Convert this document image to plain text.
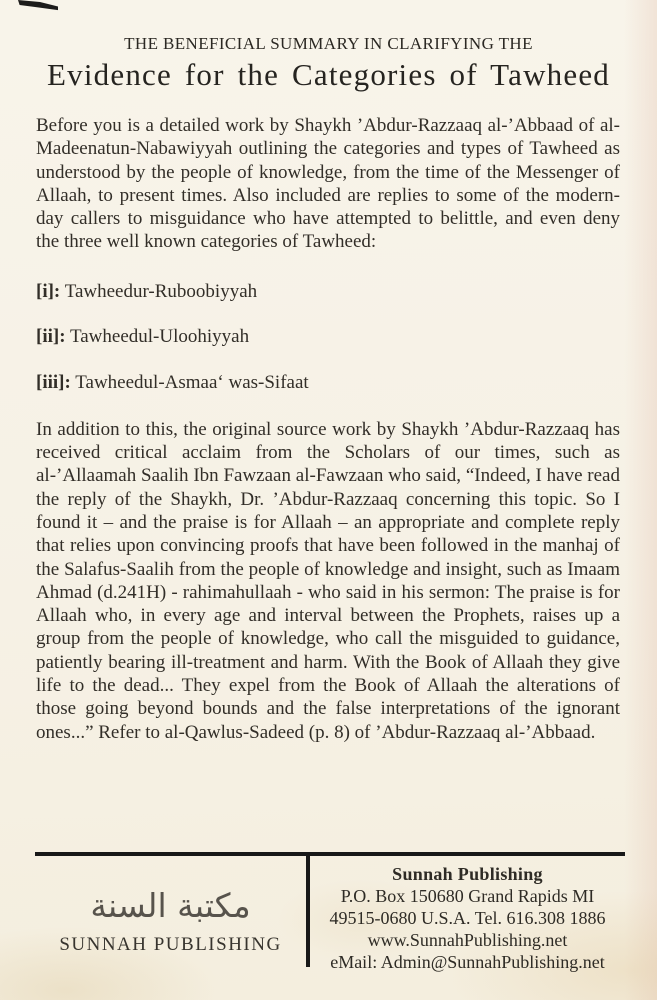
THE BENEFICIAL SUMMARY IN CLARIFYING THE
Evidence for the Categories of Tawheed

Before you is a detailed work by Shaykh ’Abdur-Razzaaq al-’Abbaad of al-Madeenatun-Nabawiyyah outlining the categories and types of Tawheed as understood by the people of knowledge, from the time of the Messenger of Allaah, to present times. Also included are replies to some of the modern-day callers to misguidance who have attempted to belittle, and even deny the three well known categories of Tawheed:

[i]: Tawheedur-Ruboobiyyah
[ii]: Tawheedul-Uloohiyyah
[iii]: Tawheedul-Asmaa‘ was-Sifaat

In addition to this, the original source work by Shaykh ’Abdur-Razzaaq has received critical acclaim from the Scholars of our times, such as al-’Allaamah Saalih Ibn Fawzaan al-Fawzaan who said, “Indeed, I have read the reply of the Shaykh, Dr. ’Abdur-Razzaaq concerning this topic. So I found it – and the praise is for Allaah – an appropriate and complete reply that relies upon convincing proofs that have been followed in the manhaj of the Salafus-Saalih from the people of knowledge and insight, such as Imaam Ahmad (d.241H) - rahimahullaah - who said in his sermon: The praise is for Allaah who, in every age and interval between the Prophets, raises up a group from the people of knowledge, who call the misguided to guidance, patiently bearing ill-treatment and harm. With the Book of Allaah they give life to the dead... They expel from the Book of Allaah the alterations of those going beyond bounds and the false interpretations of the ignorant ones...” Refer to al-Qawlus-Sadeed (p. 8) of ’Abdur-Razzaaq al-’Abbaad.

مكتبة السنة
SUNNAH PUBLISHING
Sunnah Publishing
P.O. Box 150680 Grand Rapids MI
49515-0680 U.S.A. Tel. 616.308 1886
www.SunnahPublishing.net
eMail: Admin@SunnahPublishing.net
